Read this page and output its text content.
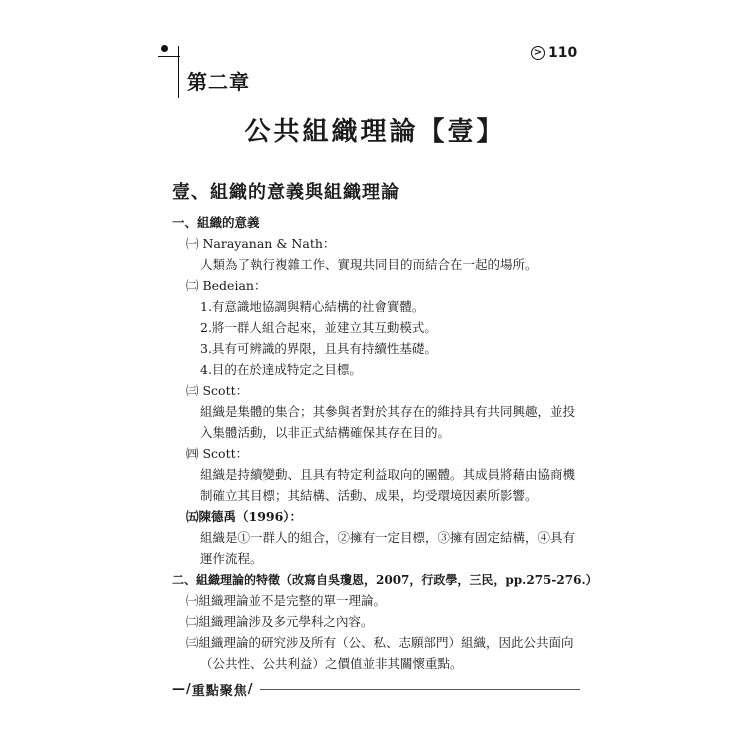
第二章
> 110
公共組織理論【壹】
壹、組織的意義與組織理論
一、組織的意義
㈠ Narayanan & Nath：
人類為了執行複雜工作、實現共同目的而結合在一起的場所。
㈡ Bedeian：
1.有意識地協調與精心結構的社會實體。
2.將一群人組合起來，並建立其互動模式。
3.具有可辨識的界限，且具有持續性基礎。
4.目的在於達成特定之目標。
㈢ Scott：
組織是集體的集合；其參與者對於其存在的維持具有共同興趣，並投
入集體活動，以非正式結構確保其存在目的。
㈣ Scott：
組織是持續變動、且具有特定利益取向的團體。其成員將藉由協商機
制確立其目標；其結構、活動、成果，均受環境因素所影響。
㈤陳德禹（1996）：
組織是①一群人的組合，②擁有一定目標，③擁有固定結構，④具有
運作流程。
二、組織理論的特徵（改寫自吳瓊恩，2007，行政學，三民，pp.275-276.）
㈠組織理論並不是完整的單一理論。
㈡組織理論涉及多元學科之內容。
㈢組織理論的研究涉及所有（公、私、志願部門）組織，因此公共面向
（公共性、公共利益）之價值並非其關懷重點。
—/ 重點聚焦 /
